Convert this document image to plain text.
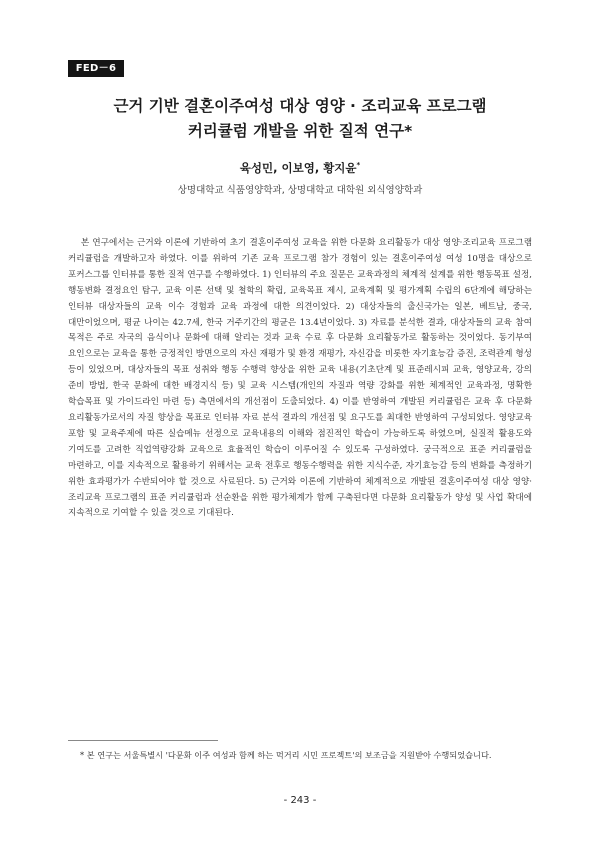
FED－6
근거 기반 결혼이주여성 대상 영양 · 조리교육 프로그램
커리큘럼 개발을 위한 질적 연구*
육성민, 이보영, 황지윤*
상명대학교 식품영양학과, 상명대학교 대학원 외식영양학과

본 연구에서는 근거와 이론에 기반하여 초기 결혼이주여성 교육을 위한 다문화 요리활동가 대상 영양·조리교육 프로그램 커리큘럼을 개발하고자 하였다. 이를 위하여 기존 교육 프로그램 참가 경험이 있는 결혼이주여성 여성 10명을 대상으로 포커스그룹 인터뷰를 통한 질적 연구를 수행하였다. 1) 인터뷰의 주요 질문은 교육과정의 체계적 설계를 위한 행동목표 설정, 행동변화 결정요인 탐구, 교육 이론 선택 및 철학의 확립, 교육목표 제시, 교육계획 및 평가계획 수립의 6단계에 해당하는 인터뷰 대상자들의 교육 이수 경험과 교육 과정에 대한 의견이었다. 2) 대상자들의 출신국가는 일본, 베트남, 중국, 대만이었으며, 평균 나이는 42.7세, 한국 거주기간의 평균은 13.4년이었다. 3) 자료를 분석한 결과, 대상자들의 교육 참여 목적은 주로 자국의 음식이나 문화에 대해 알리는 것과 교육 수료 후 다문화 요리활동가로 활동하는 것이었다. 동기부여 요인으로는 교육을 통한 긍정적인 방면으로의 자신 재평가 및 환경 재평가, 자신감을 비롯한 자기효능감 증진, 조력관계 형성 등이 있었으며, 대상자들의 목표 성취와 행동 수행력 향상을 위한 교육 내용(기초단계 및 표준레시피 교육, 영양교육, 강의 준비 방법, 한국 문화에 대한 배경지식 등) 및 교육 시스템(개인의 자질과 역량 강화를 위한 체계적인 교육과정, 명확한 학습목표 및 가이드라인 마련 등) 측면에서의 개선점이 도출되었다. 4) 이를 반영하여 개발된 커리큘럼은 교육 후 다문화 요리활동가로서의 자질 향상을 목표로 인터뷰 자료 분석 결과의 개선점 및 요구도를 최대한 반영하여 구성되었다. 영양교육 포함 및 교육주제에 따른 실습메뉴 선정으로 교육내용의 이해와 점진적인 학습이 가능하도록 하였으며, 실질적 활용도와 기여도를 고려한 직업역량강화 교육으로 효율적인 학습이 이루어질 수 있도록 구성하였다. 궁극적으로 표준 커리큘럼을 마련하고, 이를 지속적으로 활용하기 위해서는 교육 전후로 행동수행력을 위한 지식수준, 자기효능감 등의 변화를 측정하기 위한 효과평가가 수반되어야 할 것으로 사료된다. 5) 근거와 이론에 기반하여 체계적으로 개발된 결혼이주여성 대상 영양·조리교육 프로그램의 표준 커리큘럼과 선순환을 위한 평가체계가 함께 구축된다면 다문화 요리활동가 양성 및 사업 확대에 지속적으로 기여할 수 있을 것으로 기대된다.

* 본 연구는 서울특별시 '다문화 이주 여성과 함께 하는 먹거리 시민 프로젝트'의 보조금을 지원받아 수행되었습니다.
- 243 -
